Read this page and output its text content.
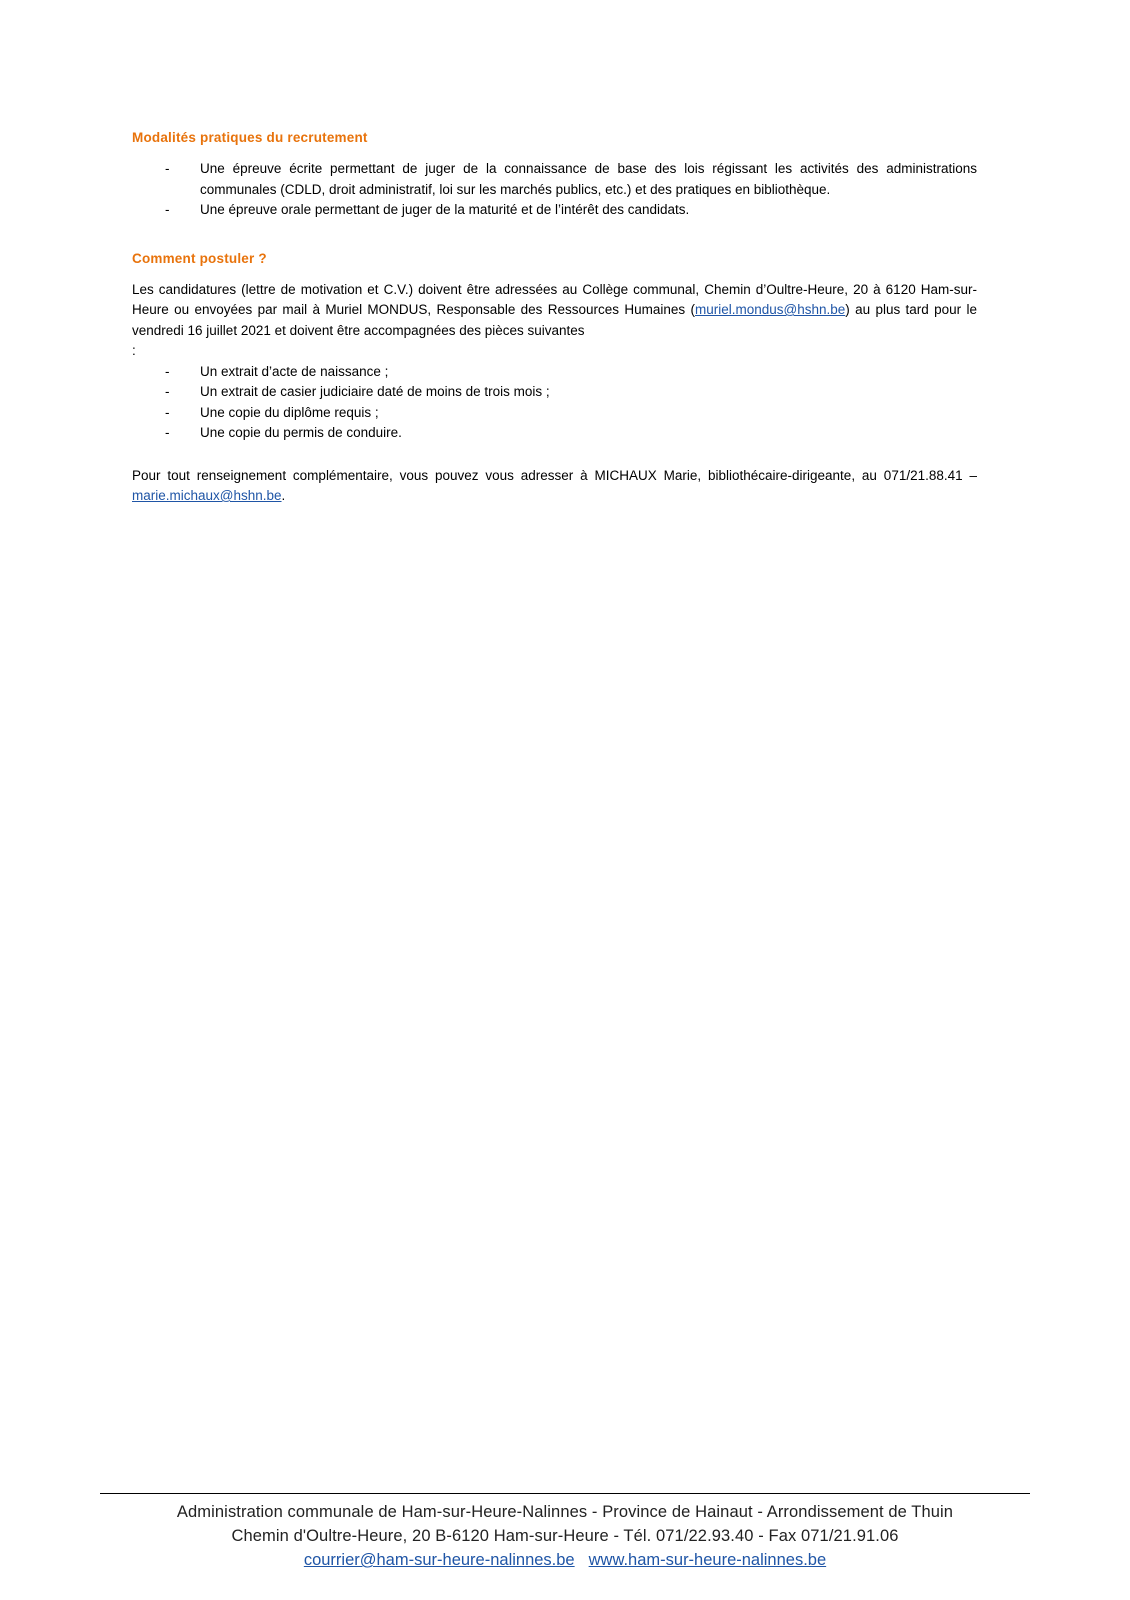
Modalités pratiques du recrutement
- Une épreuve écrite permettant de juger de la connaissance de base des lois régissant les activités des administrations communales (CDLD, droit administratif, loi sur les marchés publics, etc.) et des pratiques en bibliothèque.
- Une épreuve orale permettant de juger de la maturité et de l’intérêt des candidats.
Comment postuler ?

Les candidatures (lettre de motivation et C.V.) doivent être adressées au Collège communal, Chemin d’Oultre-Heure, 20 à 6120 Ham-sur-Heure ou envoyées par mail à Muriel MONDUS, Responsable des Ressources Humaines (muriel.mondus@hshn.be) au plus tard pour le vendredi 16 juillet 2021 et doivent être accompagnées des pièces suivantes

:
- Un extrait d’acte de naissance ;
- Un extrait de casier judiciaire daté de moins de trois mois ;
- Une copie du diplôme requis ;
- Une copie du permis de conduire.

Pour tout renseignement complémentaire, vous pouvez vous adresser à MICHAUX Marie, bibliothécaire-dirigeante, au 071/21.88.41 – marie.michaux@hshn.be.

Administration communale de Ham-sur-Heure-Nalinnes - Province de Hainaut - Arrondissement de Thuin
Chemin d'Oultre-Heure, 20 B-6120 Ham-sur-Heure - Tél. 071/22.93.40 - Fax 071/21.91.06
courrier@ham-sur-heure-nalinnes.be www.ham-sur-heure-nalinnes.be
